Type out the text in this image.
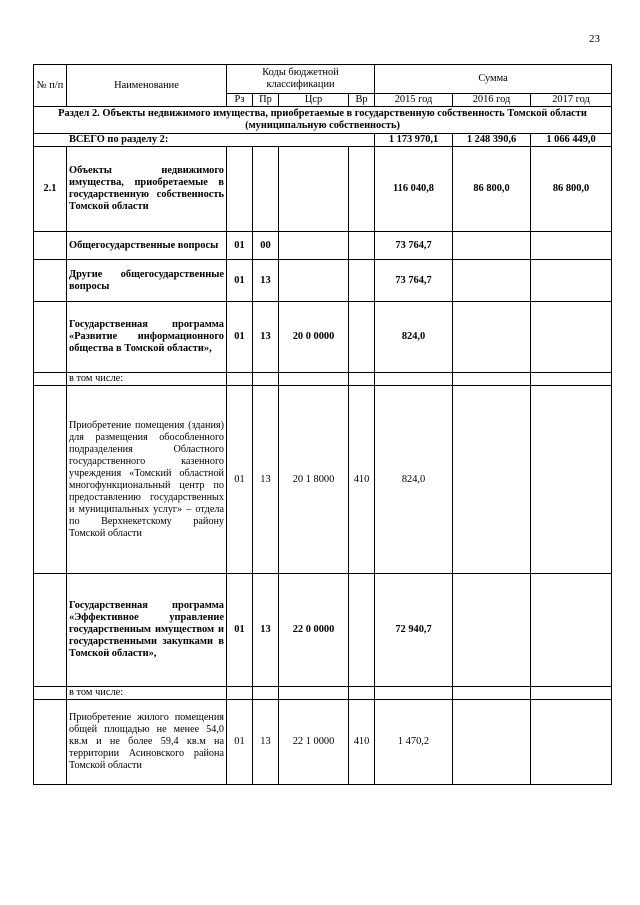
23
№ п/п	Наименование	Коды бюджетной классификации				Сумма		
		Рз	Пр	Цср	Вр	2015 год	2016 год	2017 год
Раздел 2. Объекты недвижимого имущества, приобретаемые в государственную собственность Томской области (муниципальную собственность)								
ВСЕГО по разделу 2:						1 173 970,1	1 248 390,6	1 066 449,0
2.1	Объекты недвижимого имущества, приобретаемые в государственную собственность Томской области					116 040,8	86 800,0	86 800,0
	Общегосударственные вопросы	01	00			73 764,7		
	Другие общегосударственные вопросы	01	13			73 764,7		
	Государственная программа «Развитие информационного общества в Томской области»,	01	13	20 0 0000		824,0		
	в том числе:							
	Приобретение помещения (здания) для размещения обособленного подразделения Областного государственного казенного учреждения «Томский областной многофункциональный центр по предоставлению государственных и муниципальных услуг» – отдела по Верхнекетскому району Томской области	01	13	20 1 8000	410	824,0		
	Государственная программа «Эффективное управление государственным имуществом и государственными закупками в Томской области»,	01	13	22 0 0000		72 940,7		
	в том числе:							
	Приобретение жилого помещения общей площадью не менее 54,0 кв.м и не более 59,4 кв.м на территории Асиновского района Томской области	01	13	22 1 0000	410	1 470,2		
